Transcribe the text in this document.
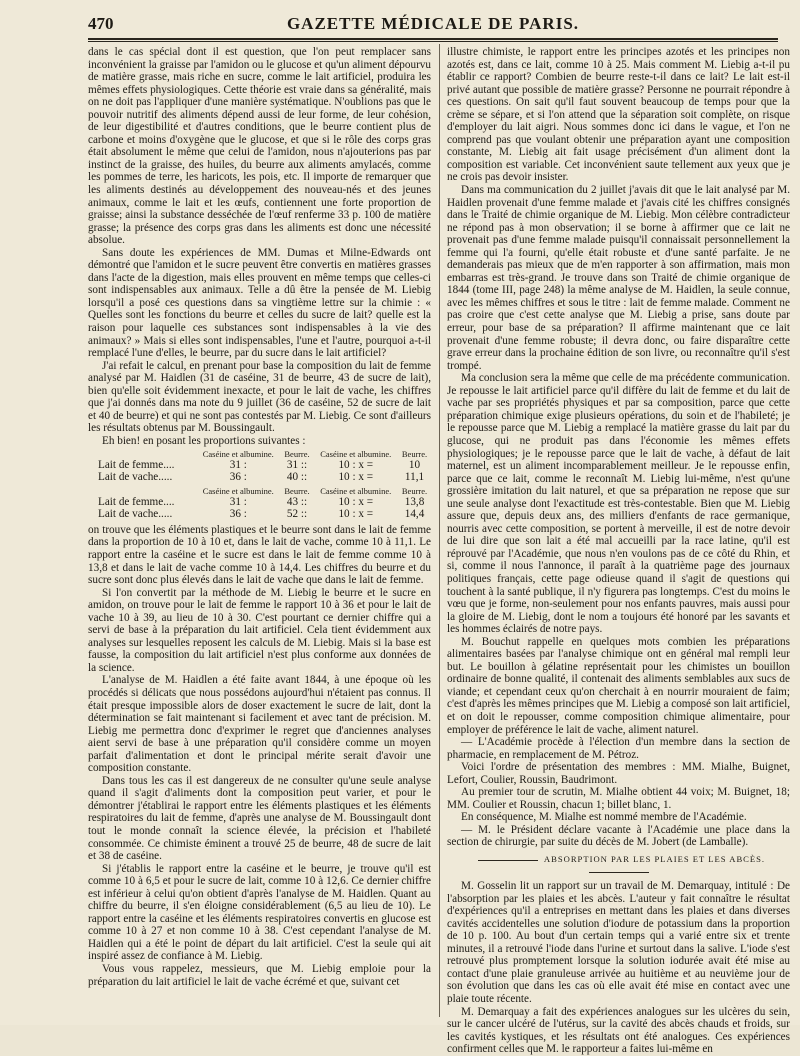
470	GAZETTE MÉDICALE DE PARIS.

dans le cas spécial dont il est question, que l'on peut remplacer sans inconvénient la graisse par l'amidon ou le glucose et qu'un aliment dépourvu de matière grasse, mais riche en sucre, comme le lait artificiel, produira les mêmes effets physiologiques. Cette théorie est vraie dans sa généralité, mais on ne doit pas l'appliquer d'une manière systématique. N'oublions pas que le pouvoir nutritif des aliments dépend aussi de leur forme, de leur cohésion, de leur digestibilité et d'autres conditions, que le beurre contient plus de carbone et moins d'oxygène que le glucose, et que si le rôle des corps gras était absolument le même que celui de l'amidon, nous n'ajouterions pas par instinct de la graisse, des huiles, du beurre aux aliments amylacés, comme les pommes de terre, les haricots, les pois, etc. Il importe de remarquer que les aliments destinés au développement des nouveau-nés et des jeunes animaux, comme le lait et les œufs, contiennent une forte proportion de graisse; ainsi la substance desséchée de l'œuf renferme 33 p. 100 de matière grasse; la présence des corps gras dans les aliments est donc une nécessité absolue.

Sans doute les expériences de MM. Dumas et Milne-Edwards ont démontré que l'amidon et le sucre peuvent être convertis en matières grasses dans l'acte de la digestion, mais elles prouvent en même temps que celles-ci sont indispensables aux animaux. Telle a dû être la pensée de M. Liebig lorsqu'il a posé ces questions dans sa vingtième lettre sur la chimie : « Quelles sont les fonctions du beurre et celles du sucre de lait? quelle est la raison pour laquelle ces substances sont indispensables à la vie des animaux? » Mais si elles sont indispensables, l'une et l'autre, pourquoi a-t-il remplacé l'une d'elles, le beurre, par du sucre dans le lait artificiel?

J'ai refait le calcul, en prenant pour base la composition du lait de femme analysé par M. Haidlen (31 de caséine, 31 de beurre, 43 de sucre de lait), bien qu'elle soit évidemment inexacte, et pour le lait de vache, les chiffres que j'ai donnés dans ma note du 9 juillet (36 de caséine, 52 de sucre de lait et 40 de beurre) et qui ne sont pas contestés par M. Liebig. Ce sont d'ailleurs les résultats obtenus par M. Boussingault.

Eh bien! en posant les proportions suivantes :

	Caséine et albumine.	Beurre.	Caséine et albumine.	Beurre.
Lait de femme....	31 :	31 ::	10 : x =	10
Lait de vache.....	36 :	40 ::	10 : x =	11,1
	Caséine et albumine.	Beurre.	Caséine et albumine.	Beurre.
Lait de femme....	31 :	43 ::	10 : x =	13,8
Lait de vache.....	36 :	52 ::	10 : x =	14,4

on trouve que les éléments plastiques et le beurre sont dans le lait de femme dans la proportion de 10 à 10 et, dans le lait de vache, comme 10 à 11,1. Le rapport entre la caséine et le sucre est dans le lait de femme comme 10 à 13,8 et dans le lait de vache comme 10 à 14,4. Les chiffres du beurre et du sucre sont donc plus élevés dans le lait de vache que dans le lait de femme.

Si l'on convertit par la méthode de M. Liebig le beurre et le sucre en amidon, on trouve pour le lait de femme le rapport 10 à 36 et pour le lait de vache 10 à 39, au lieu de 10 à 30. C'est pourtant ce dernier chiffre qui a servi de base à la préparation du lait artificiel. Cela tient évidemment aux analyses sur lesquelles reposent les calculs de M. Liebig. Mais si la base est fausse, la composition du lait artificiel n'est plus conforme aux données de la science.

L'analyse de M. Haidlen a été faite avant 1844, à une époque où les procédés si délicats que nous possédons aujourd'hui n'étaient pas connus. Il était presque impossible alors de doser exactement le sucre de lait, dont la détermination se fait maintenant si facilement et avec tant de précision. M. Liebig me permettra donc d'exprimer le regret que d'anciennes analyses aient servi de base à une préparation qu'il considère comme un moyen parfait d'alimentation et dont le principal mérite serait d'avoir une composition constante.

Dans tous les cas il est dangereux de ne consulter qu'une seule analyse quand il s'agit d'aliments dont la composition peut varier, et pour le démontrer j'établirai le rapport entre les éléments plastiques et les éléments respiratoires du lait de femme, d'après une analyse de M. Boussingault dont tout le monde connaît la science élevée, la précision et l'habileté consommée. Ce chimiste éminent a trouvé 25 de beurre, 48 de sucre de lait et 38 de caséine.

Si j'établis le rapport entre la caséine et le beurre, je trouve qu'il est comme 10 à 6,5 et pour le sucre de lait, comme 10 à 12,6. Ce dernier chiffre est inférieur à celui qu'on obtient d'après l'analyse de M. Haidlen. Quant au chiffre du beurre, il s'en éloigne considérablement (6,5 au lieu de 10). Le rapport entre la caséine et les éléments respiratoires convertis en glucose est comme 10 à 27 et non comme 10 à 38. C'est cependant l'analyse de M. Haidlen qui a été le point de départ du lait artificiel. C'est la seule qui ait inspiré assez de confiance à M. Liebig.

Vous vous rappelez, messieurs, que M. Liebig emploie pour la préparation du lait artificiel le lait de vache écrémé et que, suivant cet

illustre chimiste, le rapport entre les principes azotés et les principes non azotés est, dans ce lait, comme 10 à 25. Mais comment M. Liebig a-t-il pu établir ce rapport? Combien de beurre reste-t-il dans ce lait? Le lait est-il privé autant que possible de matière grasse? Personne ne pourrait répondre à ces questions. On sait qu'il faut souvent beaucoup de temps pour que la crème se sépare, et si l'on attend que la séparation soit complète, on risque d'employer du lait aigri. Nous sommes donc ici dans le vague, et l'on ne comprend pas que voulant obtenir une préparation ayant une composition constante, M. Liebig ait fait usage précisément d'un aliment dont la composition est variable. Cet inconvénient saute tellement aux yeux que je ne crois pas devoir insister.

Dans ma communication du 2 juillet j'avais dit que le lait analysé par M. Haidlen provenait d'une femme malade et j'avais cité les chiffres consignés dans le Traité de chimie organique de M. Liebig. Mon célèbre contradicteur ne répond pas à mon observation; il se borne à affirmer que ce lait ne provenait pas d'une femme malade puisqu'il connaissait personnellement la femme qui l'a fourni, qu'elle était robuste et d'une santé parfaite. Je ne demanderais pas mieux que de m'en rapporter à son affirmation, mais mon embarras est très-grand. Je trouve dans son Traité de chimie organique de 1844 (tome III, page 248) la même analyse de M. Haidlen, la seule connue, avec les mêmes chiffres et sous le titre : lait de femme malade. Comment ne pas croire que c'est cette analyse que M. Liebig a prise, sans doute par erreur, pour base de sa préparation? Il affirme maintenant que ce lait provenait d'une femme robuste; il devra donc, ou faire disparaître cette grave erreur dans la prochaine édition de son livre, ou reconnaître qu'il s'est trompé.

Ma conclusion sera la même que celle de ma précédente communication. Je repousse le lait artificiel parce qu'il diffère du lait de femme et du lait de vache par ses propriétés physiques et par sa composition, parce que cette préparation chimique exige plusieurs opérations, du soin et de l'habileté; je le repousse parce que M. Liebig a remplacé la matière grasse du lait par du glucose, qui ne produit pas dans l'économie les mêmes effets physiologiques; je le repousse parce que le lait de vache, à défaut de lait maternel, est un aliment incomparablement meilleur. Je le repousse enfin, parce que ce lait, comme le reconnaît M. Liebig lui-même, n'est qu'une grossière imitation du lait naturel, et que sa préparation ne repose que sur une seule analyse dont l'exactitude est très-contestable. Bien que M. Liebig assure que, depuis deux ans, des milliers d'enfants de race germanique, nourris avec cette composition, se portent à merveille, il est de notre devoir de lui dire que son lait a été mal accueilli par la race latine, qu'il est réprouvé par l'Académie, que nous n'en voulons pas de ce côté du Rhin, et si, comme il nous l'annonce, il paraît à la quatrième page des journaux politiques français, cette page odieuse quand il s'agit de questions qui touchent à la santé publique, il n'y figurera pas longtemps. C'est du moins le vœu que je forme, non-seulement pour nos enfants pauvres, mais aussi pour la gloire de M. Liebig, dont le nom a toujours été honoré par les savants et les hommes éclairés de notre pays.

M. Bouchut rappelle en quelques mots combien les préparations alimentaires basées par l'analyse chimique ont en général mal rempli leur but. Le bouillon à gélatine représentait pour les chimistes un bouillon ordinaire de bonne qualité, il contenait des aliments semblables aux sucs de viande; et cependant ceux qu'on cherchait à en nourrir mouraient de faim; c'est d'après les mêmes principes que M. Liebig a composé son lait artificiel, et on doit le repousser, comme composition chimique alimentaire, pour employer de préférence le lait de vache, aliment naturel.

— L'Académie procède à l'élection d'un membre dans la section de pharmacie, en remplacement de M. Pétroz.

Voici l'ordre de présentation des membres : MM. Mialhe, Buignet, Lefort, Coulier, Roussin, Baudrimont.

Au premier tour de scrutin, M. Mialhe obtient 44 voix; M. Buignet, 18; MM. Coulier et Roussin, chacun 1; billet blanc, 1.

En conséquence, M. Mialhe est nommé membre de l'Académie.

— M. le Président déclare vacante à l'Académie une place dans la section de chirurgie, par suite du décès de M. Jobert (de Lamballe).

ABSORPTION PAR LES PLAIES ET LES ABCÈS.

M. Gosselin lit un rapport sur un travail de M. Demarquay, intitulé : De l'absorption par les plaies et les abcès. L'auteur y fait connaître le résultat d'expériences qu'il a entreprises en mettant dans les plaies et dans diverses cavités accidentelles une solution d'iodure de potassium dans la proportion de 10 p. 100. Au bout d'un certain temps qui a varié entre six et trente minutes, il a retrouvé l'iode dans l'urine et surtout dans la salive. L'iode s'est retrouvé plus promptement lorsque la solution iodurée avait été mise au contact d'une plaie granuleuse arrivée au huitième et au neuvième jour de son évolution que dans les cas où elle avait été mise en contact avec une plaie toute récente.

M. Demarquay a fait des expériences analogues sur les ulcères du sein, sur le cancer ulcéré de l'utérus, sur la cavité des abcès chauds et froids, sur les cavités kystiques, et les résultats ont été analogues. Ces expériences confirment celles que M. le rapporteur a faites lui-même en
